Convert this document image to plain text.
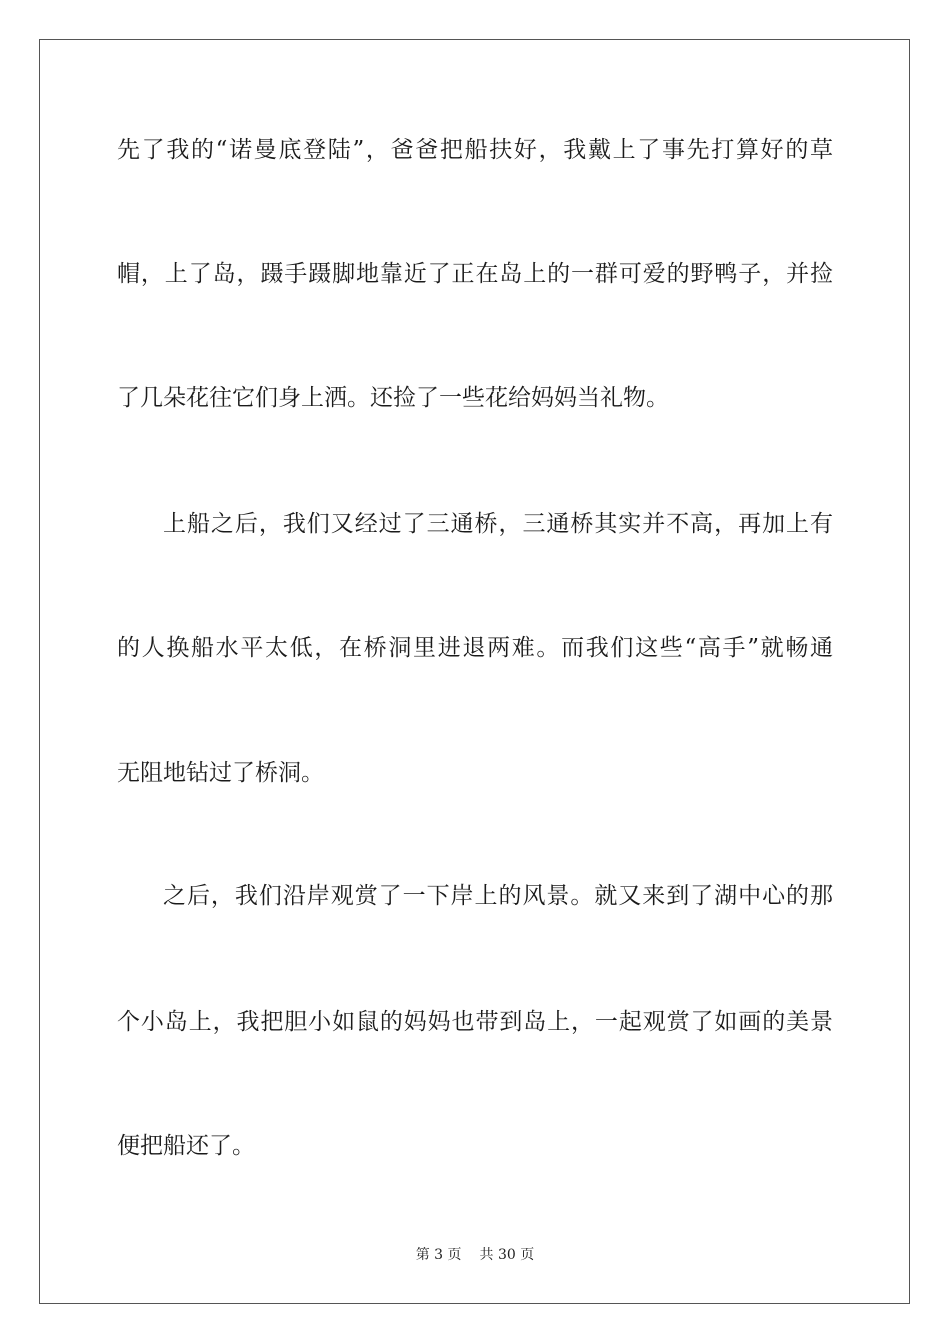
先了我的“诺曼底登陆”，爸爸把船扶好，我戴上了事先打算好的草
帽，上了岛，蹑手蹑脚地靠近了正在岛上的一群可爱的野鸭子，并捡
了几朵花往它们身上洒。还捡了一些花给妈妈当礼物。
上船之后，我们又经过了三通桥，三通桥其实并不高，再加上有
的人换船水平太低，在桥洞里进退两难。而我们这些“高手”就畅通
无阻地钻过了桥洞。
之后，我们沿岸观赏了一下岸上的风景。就又来到了湖中心的那
个小岛上，我把胆小如鼠的妈妈也带到岛上，一起观赏了如画的美景
便把船还了。
第 3 页 共 30 页
